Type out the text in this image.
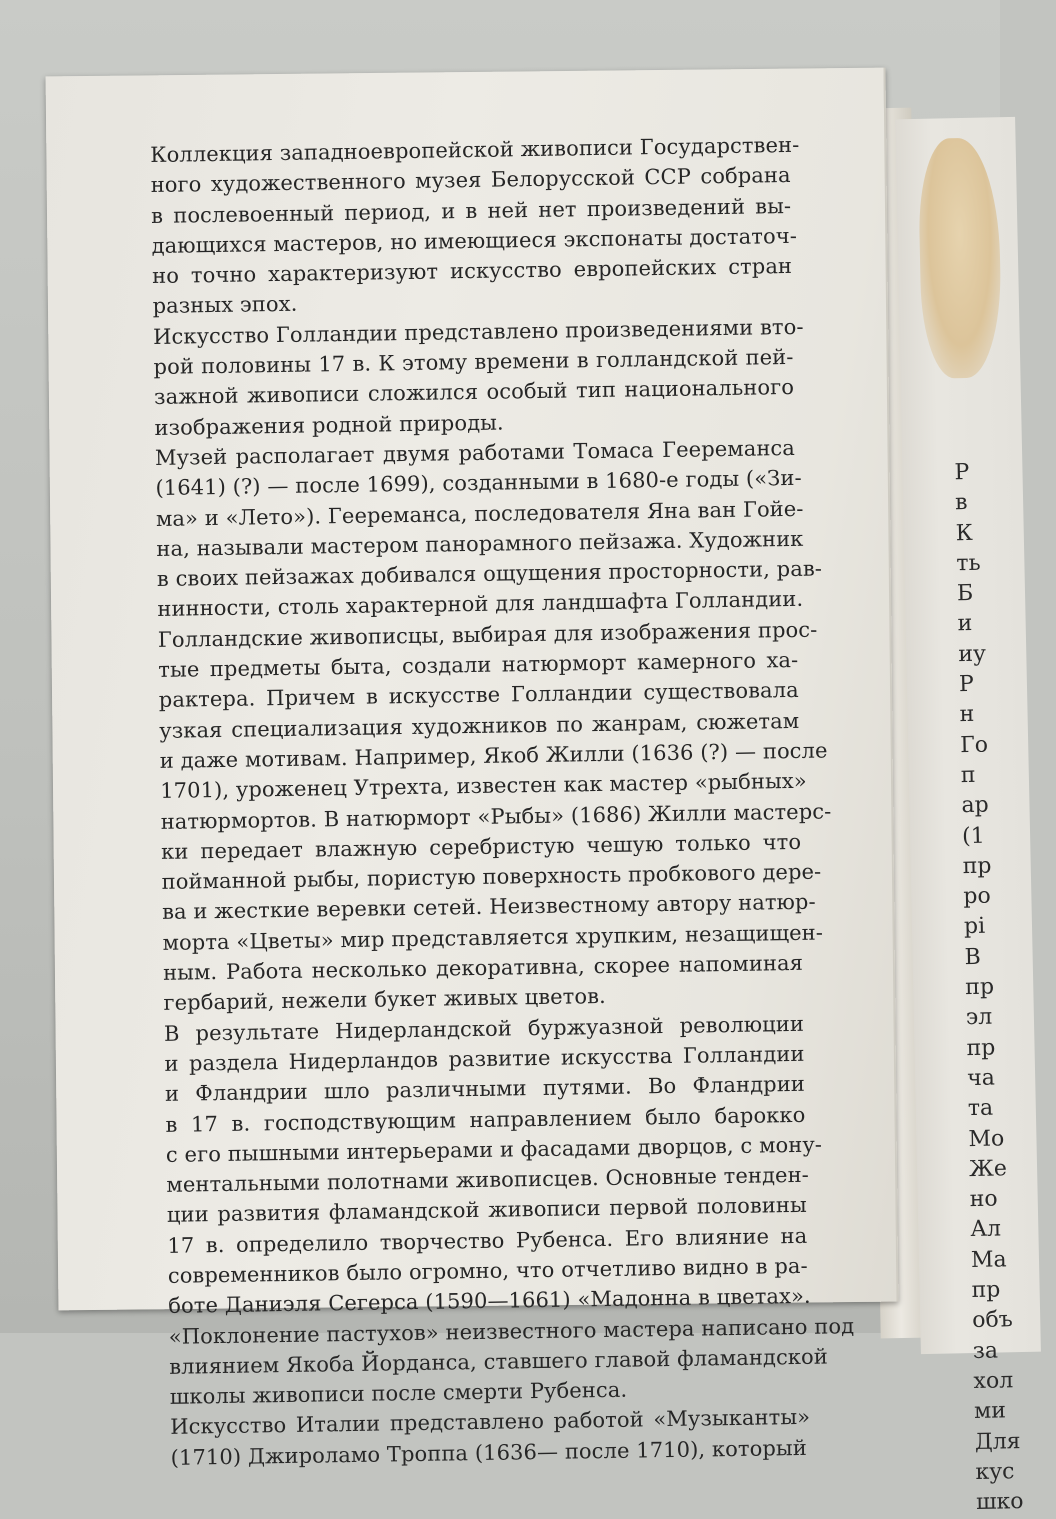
Р
в
К
ть
Б
и
иу
Р
н
Го
п
ар
(1
пр
ро
рі
В
пр
эл
пр
ча
та
Мо
Же
но
Ал
Ма
пр
объ
за
хол
ми
Для
кус
шко
Коллекция западноевропейской живописи Государствен-
ного художественного музея Белорусской ССР собрана
в послевоенный период, и в ней нет произведений вы-
дающихся мастеров, но имеющиеся экспонаты достаточ-
но точно характеризуют искусство европейских стран
разных эпох.
Искусство Голландии представлено произведениями вто-
рой половины 17 в. К этому времени в голландской пей-
зажной живописи сложился особый тип национального
изображения родной природы.
Музей располагает двумя работами Томаса Геереманса
(1641) (?) — после 1699), созданными в 1680-е годы («Зи-
ма» и «Лето»). Геереманса, последователя Яна ван Гойе-
на, называли мастером панорамного пейзажа. Художник
в своих пейзажах добивался ощущения просторности, рав-
нинности, столь характерной для ландшафта Голландии.
Голландские живописцы, выбирая для изображения прос-
тые предметы быта, создали натюрморт камерного ха-
рактера. Причем в искусстве Голландии существовала
узкая специализация художников по жанрам, сюжетам
и даже мотивам. Например, Якоб Жилли (1636 (?) — после
1701), уроженец Утрехта, известен как мастер «рыбных»
натюрмортов. В натюрморт «Рыбы» (1686) Жилли мастерс-
ки передает влажную серебристую чешую только что
пойманной рыбы, пористую поверхность пробкового дере-
ва и жесткие веревки сетей. Неизвестному автору натюр-
морта «Цветы» мир представляется хрупким, незащищен-
ным. Работа несколько декоративна, скорее напоминая
гербарий, нежели букет живых цветов.
В результате Нидерландской буржуазной революции
и раздела Нидерландов развитие искусства Голландии
и Фландрии шло различными путями. Во Фландрии
в 17 в. господствующим направлением было барокко
с его пышными интерьерами и фасадами дворцов, с мону-
ментальными полотнами живописцев. Основные тенден-
ции развития фламандской живописи первой половины
17 в. определило творчество Рубенса. Его влияние на
современников было огромно, что отчетливо видно в ра-
боте Даниэля Сегерса (1590—1661) «Мадонна в цветах».
«Поклонение пастухов» неизвестного мастера написано под
влиянием Якоба Йорданса, ставшего главой фламандской
школы живописи после смерти Рубенса.
Искусство Италии представлено работой «Музыканты»
(1710) Джироламо Троппа (1636— после 1710), который
